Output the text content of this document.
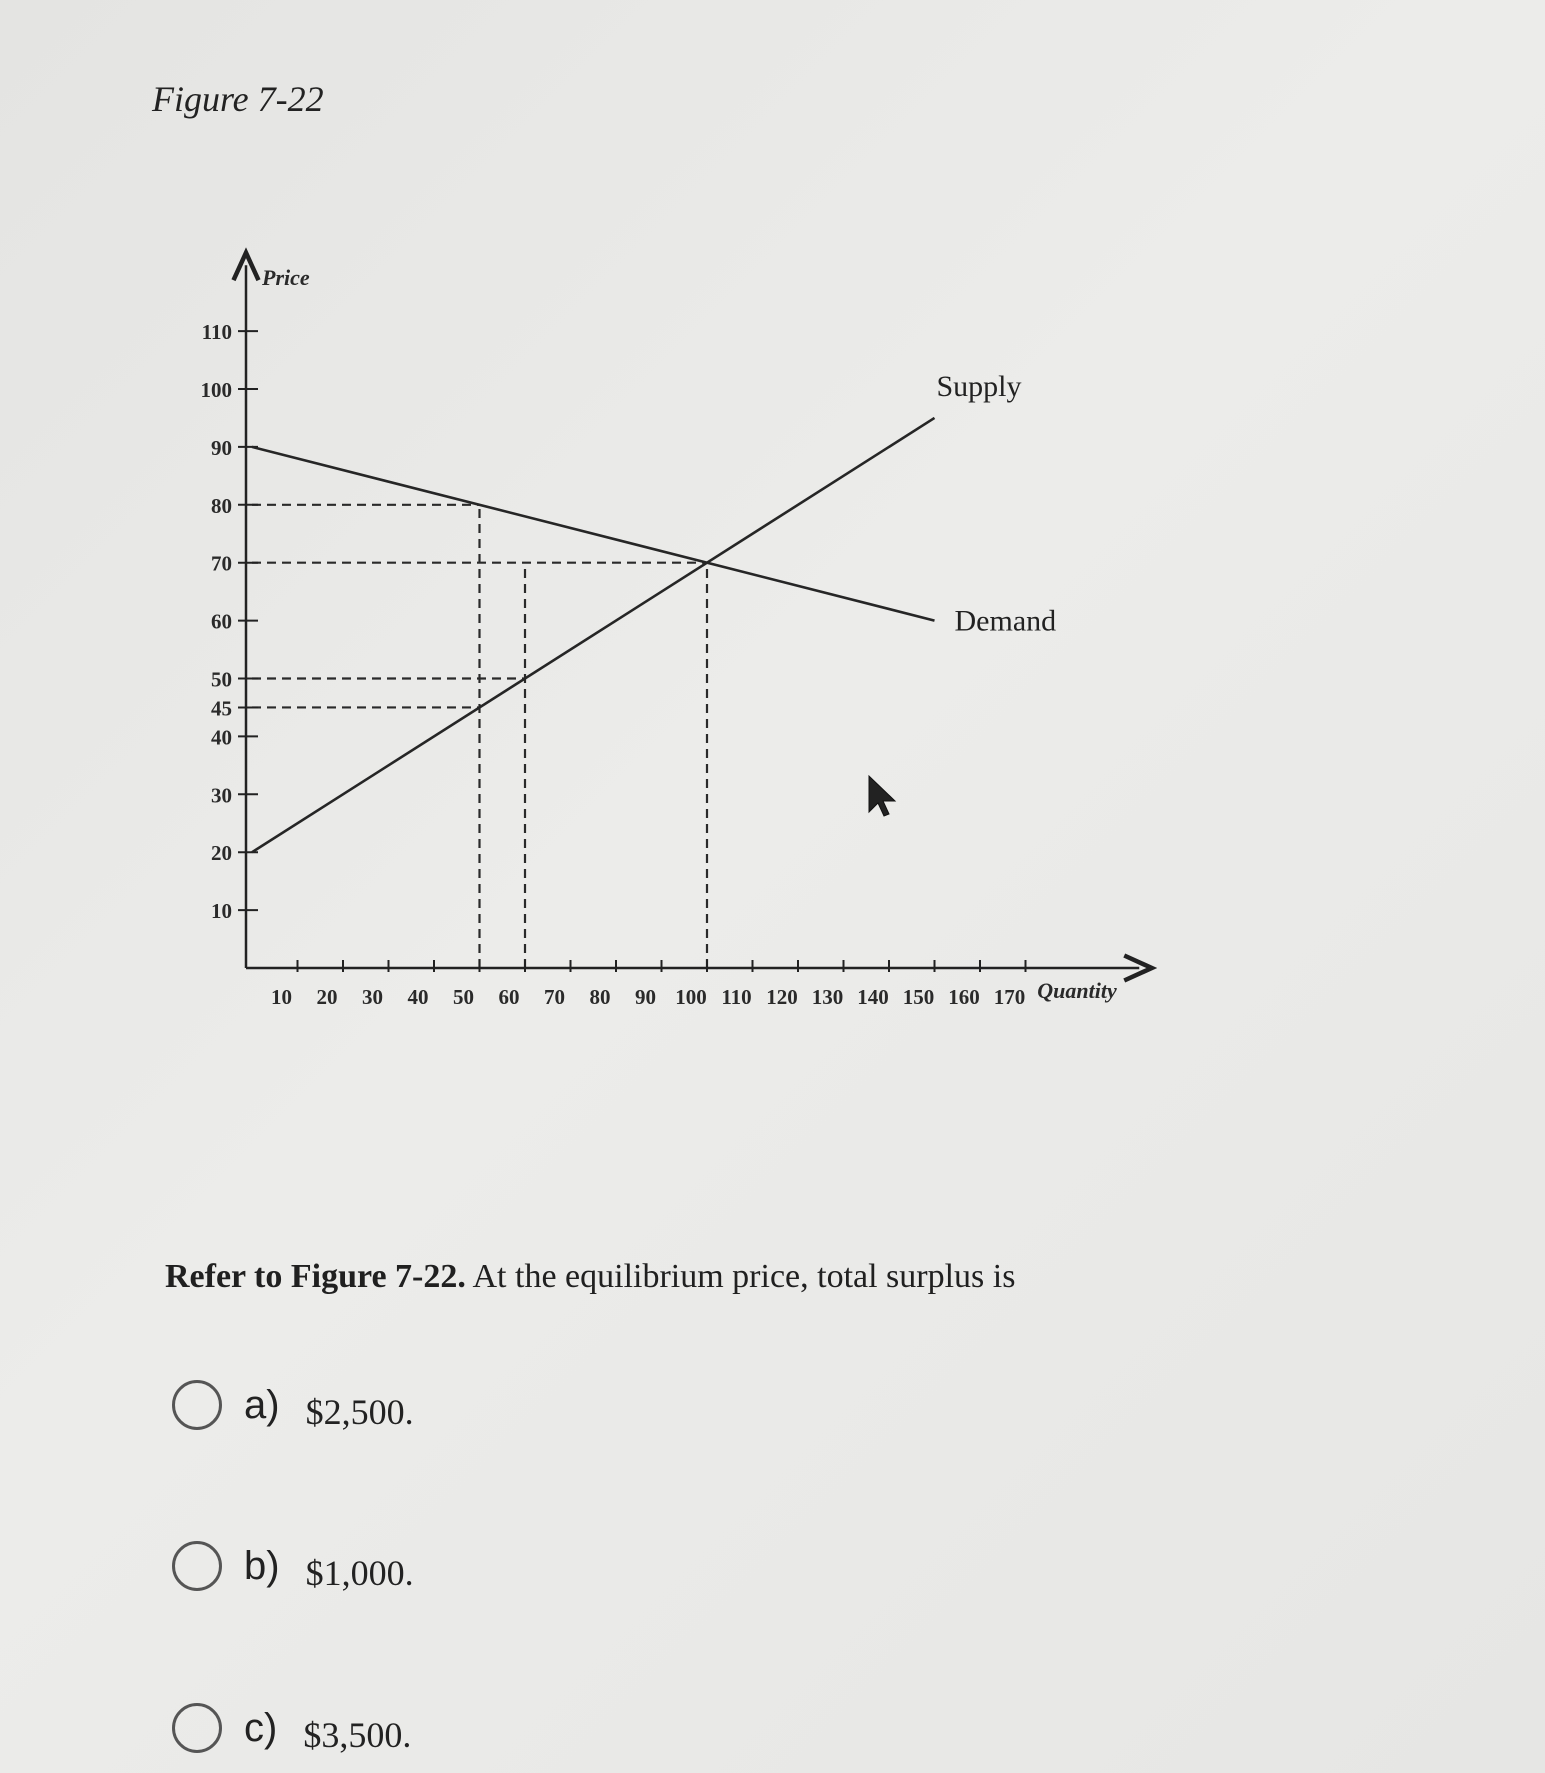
Figure 7-22
10 20 30 40 50 60 70 80 90 100 110 120 130 140 150 160 170
10
20
30
40
45
50
60
70
80
90
100
110
Price
Quantity
Supply
Demand
Refer to Figure 7-22. At the equilibrium price, total surplus is
a) $2,500.
b) $1,000.
c) $3,500.
